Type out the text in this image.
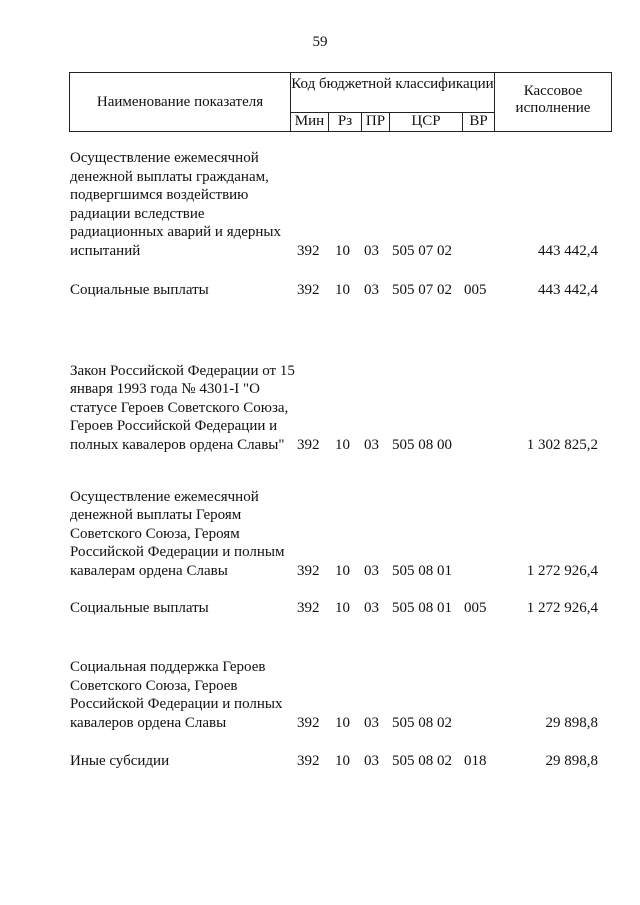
59
Наименование показателя
Код бюджетной классификации	Кассовое исполнение
Мин Рз ПР	ЦСР	ВР
Осуществление ежемесячной денежной выплаты гражданам, подвергшимся воздействию радиации вследствие радиационных аварий и ядерных испытаний	392 10 03 505 07 02	443 442,4
Социальные выплаты	392 10 03 505 07 02 005	443 442,4
Закон Российской Федерации от 15 января 1993 года № 4301-I "О статусе Героев Советского Союза, Героев Российской Федерации и полных кавалеров ордена Славы" 392 10 03 505 08 00	1 302 825,2
Осуществление ежемесячной денежной выплаты Героям Советского Союза, Героям Российской Федерации и полным кавалерам ордена Славы	392 10 03 505 08 01	1 272 926,4
Социальные выплаты	392 10 03 505 08 01 005	1 272 926,4
Социальная поддержка Героев Советского Союза, Героев Российской Федерации и полных кавалеров ордена Славы	392 10 03 505 08 02	29 898,8
Иные субсидии	392 10 03 505 08 02 018	29 898,8
